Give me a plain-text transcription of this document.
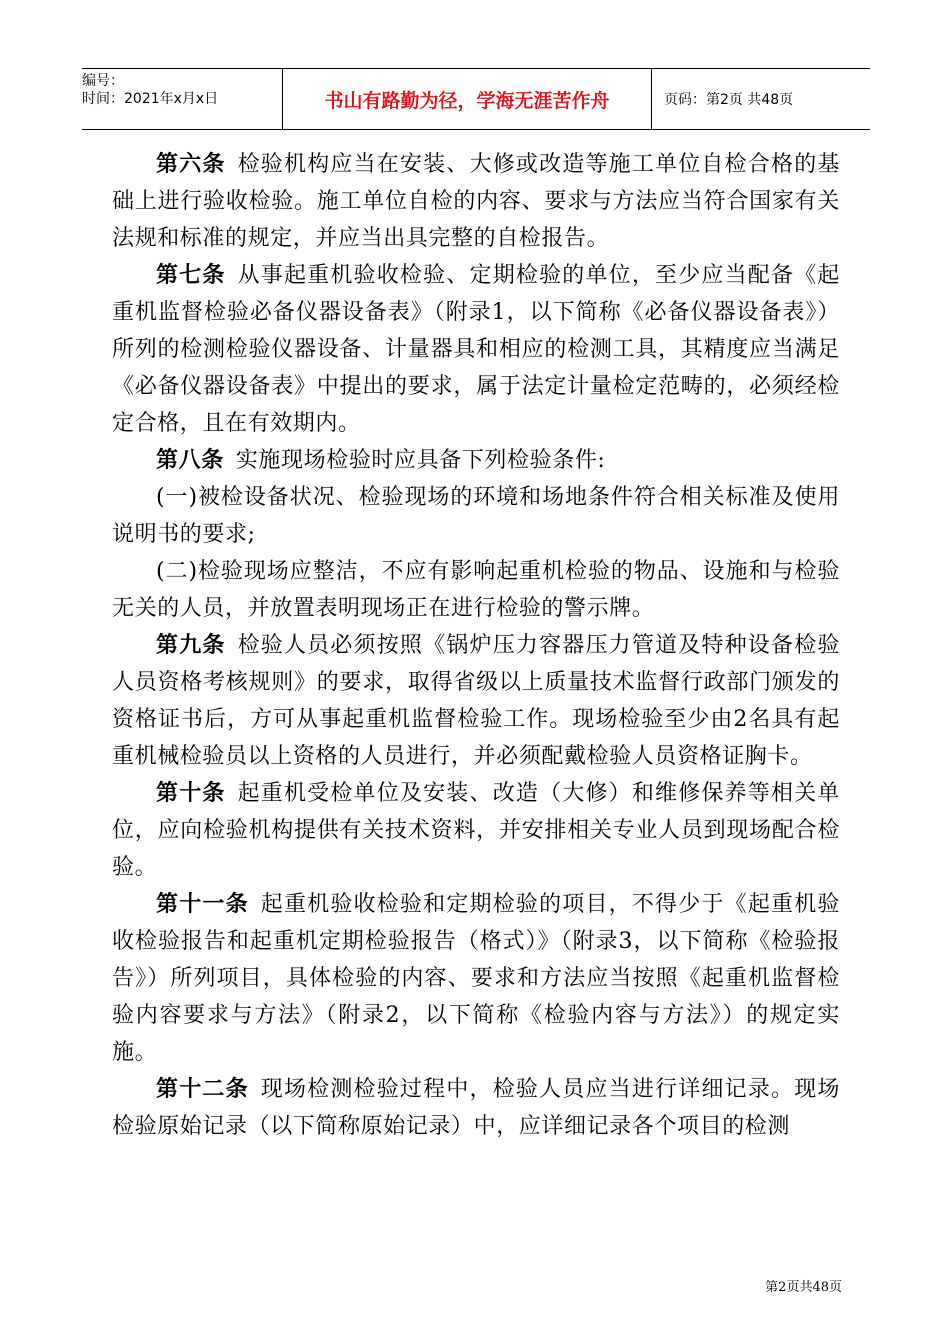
编号：
时间：2021年x月x日	书山有路勤为径，学海无涯苦作舟	页码：第2页 共48页

第六条 检验机构应当在安装、大修或改造等施工单位自检合格的基础上进行验收检验。施工单位自检的内容、要求与方法应当符合国家有关法规和标准的规定，并应当出具完整的自检报告。

第七条 从事起重机验收检验、定期检验的单位，至少应当配备《起重机监督检验必备仪器设备表》（附录1，以下简称《必备仪器设备表》）所列的检测检验仪器设备、计量器具和相应的检测工具，其精度应当满足《必备仪器设备表》中提出的要求，属于法定计量检定范畴的，必须经检定合格，且在有效期内。

第八条 实施现场检验时应具备下列检验条件:

(一)被检设备状况、检验现场的环境和场地条件符合相关标准及使用说明书的要求;

(二)检验现场应整洁，不应有影响起重机检验的物品、设施和与检验无关的人员，并放置表明现场正在进行检验的警示牌。

第九条 检验人员必须按照《锅炉压力容器压力管道及特种设备检验人员资格考核规则》的要求，取得省级以上质量技术监督行政部门颁发的资格证书后，方可从事起重机监督检验工作。现场检验至少由2名具有起重机械检验员以上资格的人员进行，并必须配戴检验人员资格证胸卡。

第十条 起重机受检单位及安装、改造（大修）和维修保养等相关单位，应向检验机构提供有关技术资料，并安排相关专业人员到现场配合检验。

第十一条 起重机验收检验和定期检验的项目，不得少于《起重机验收检验报告和起重机定期检验报告（格式）》（附录3，以下简称《检验报告》）所列项目，具体检验的内容、要求和方法应当按照《起重机监督检验内容要求与方法》（附录2，以下简称《检验内容与方法》）的规定实施。

第十二条 现场检测检验过程中，检验人员应当进行详细记录。现场检验原始记录（以下简称原始记录）中，应详细记录各个项目的检测

第2页共48页
